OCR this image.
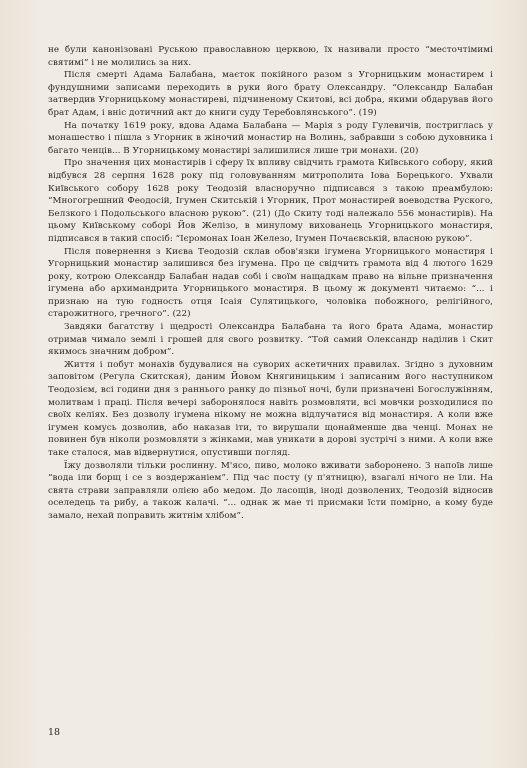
не були канонізовані Руською православною церквою, їх називали просто “месточтімимі святимі” і не молились за них.

Після смерті Адама Балабана, маєток покійного разом з Угорницьким монастирем і фундушними записами переходить в руки його брату Олександру. “Олександр Балабан затвердив Угорницькому монастиреві, підчиненому Скитові, всі добра, якими обдарував його брат Адам, і вніс дотичний акт до книги суду Теребовлянського”. (19)

На початку 1619 року, вдова Адама Балабана — Марія з роду Гулевичів, постриглась у монашество і пішла з Угорник в жіночий монастир на Волинь, забравши з собою духовника і багато ченців... В Угорницькому монастирі залишилися лише три монахи. (20)

Про значення цих монастирів і сферу їх впливу свідчить грамота Київського собору, який відбувся 28 серпня 1628 року під головуванням митрополита Іова Борецького. Ухвали Київського собору 1628 року Теодозій власноручно підписався з такою преамбулою: “Многогрешний Феодосій, Ігумен Скитській і Угорник, Прот монастирей воеводства Руского, Белзкого і Подольського власною рукою”. (21) (До Скиту тоді належало 556 монастирів). На цьому Київському соборі Йов Желізо, в минулому вихованець Угорницького монастиря, підписався в такий спосіб: “Ієромонах Іоан Железо, Ігумен Почаєвській, власною рукою”.

Після повернення з Києва Теодозій склав обов'язки ігумена Угорницького монастиря і Угорницький монастир залишився без ігумена. Про це свідчить грамота від 4 лютого 1629 року, котрою Олександр Балабан надав собі і своїм нащадкам право на вільне призначення ігумена або архимандрита Угорницького монастиря. В цьому ж документі читаємо: “... і признаю на тую годность отця Ісаія Сулятицького, чоловіка побожного, релігійного, старожитного, гречного”. (22)

Завдяки багатству і щедрості Олександра Балабана та його брата Адама, монастир отримав чимало землі і грошей для свого розвитку. “Той самий Олександр наділив і Скит якимось значним добром”.

Життя і побут монахів будувалися на суворих аскетичних правилах. Згідно з духовним заповітом (Регула Скитская), даним Йовом Княгиницьким і записаним його наступником Теодозієм, всі години дня з раннього ранку до пізньої ночі, були призначені Богослужінням, молитвам і праці. Після вечері заборонялося навіть розмовляти, всі мовчки розходилися по своїх келіях. Без дозволу ігумена нікому не можна відлучатися від монастиря. А коли вже ігумен комусь дозволив, або наказав іти, то вирушали щонайменше два ченці. Монах не повинен був ніколи розмовляти з жінками, мав уникати в дорові зустрічі з ними. А коли вже таке сталося, мав відвернутися, опустивши погляд.

Їжу дозволяли тільки рослинну. М'ясо, пиво, молоко вживати заборонено. З напоїв лише “вода іли борщ і се з воздержаніем”. Під час посту (у п'ятницю), взагалі нічого не їли. На свята страви заправляли олією або медом. До ласощів, іноді дозволених, Теодозій відносив оселедець та рибу, а також калачі. “... однак ж мае ті присмаки їсти помірно, а кому буде замало, нехай поправить житнім хлібом”.

18
